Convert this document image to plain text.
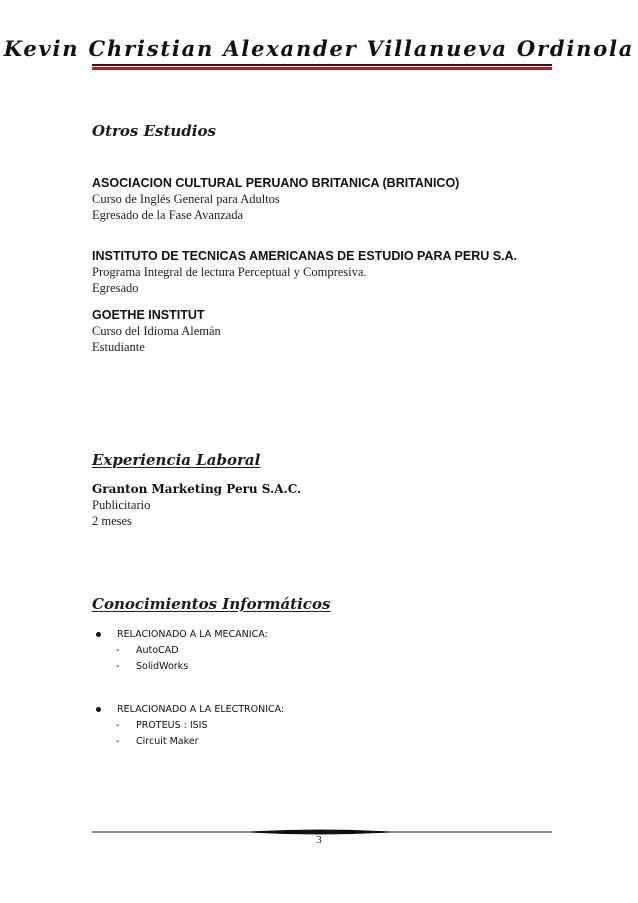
Kevin Christian Alexander Villanueva Ordinola
Otros Estudios
ASOCIACION CULTURAL PERUANO BRITANICA (BRITANICO)
Curso de Inglés General para Adultos
Egresado de la Fase Avanzada
INSTITUTO DE TECNICAS AMERICANAS DE ESTUDIO PARA PERU S.A.
Programa Integral de lectura Perceptual y Compresiva.
Egresado
GOETHE INSTITUT
Curso del Idioma Alemán
Estudiante
Experiencia Laboral
Granton Marketing Peru S.A.C.
Publicitario
2 meses
Conocimientos Informáticos
RELACIONADO A LA MECANICA:
-	AutoCAD
-	SolidWorks
RELACIONADO A LA ELECTRONICA:
-	PROTEUS : ISIS
-	Circuit Maker
3
